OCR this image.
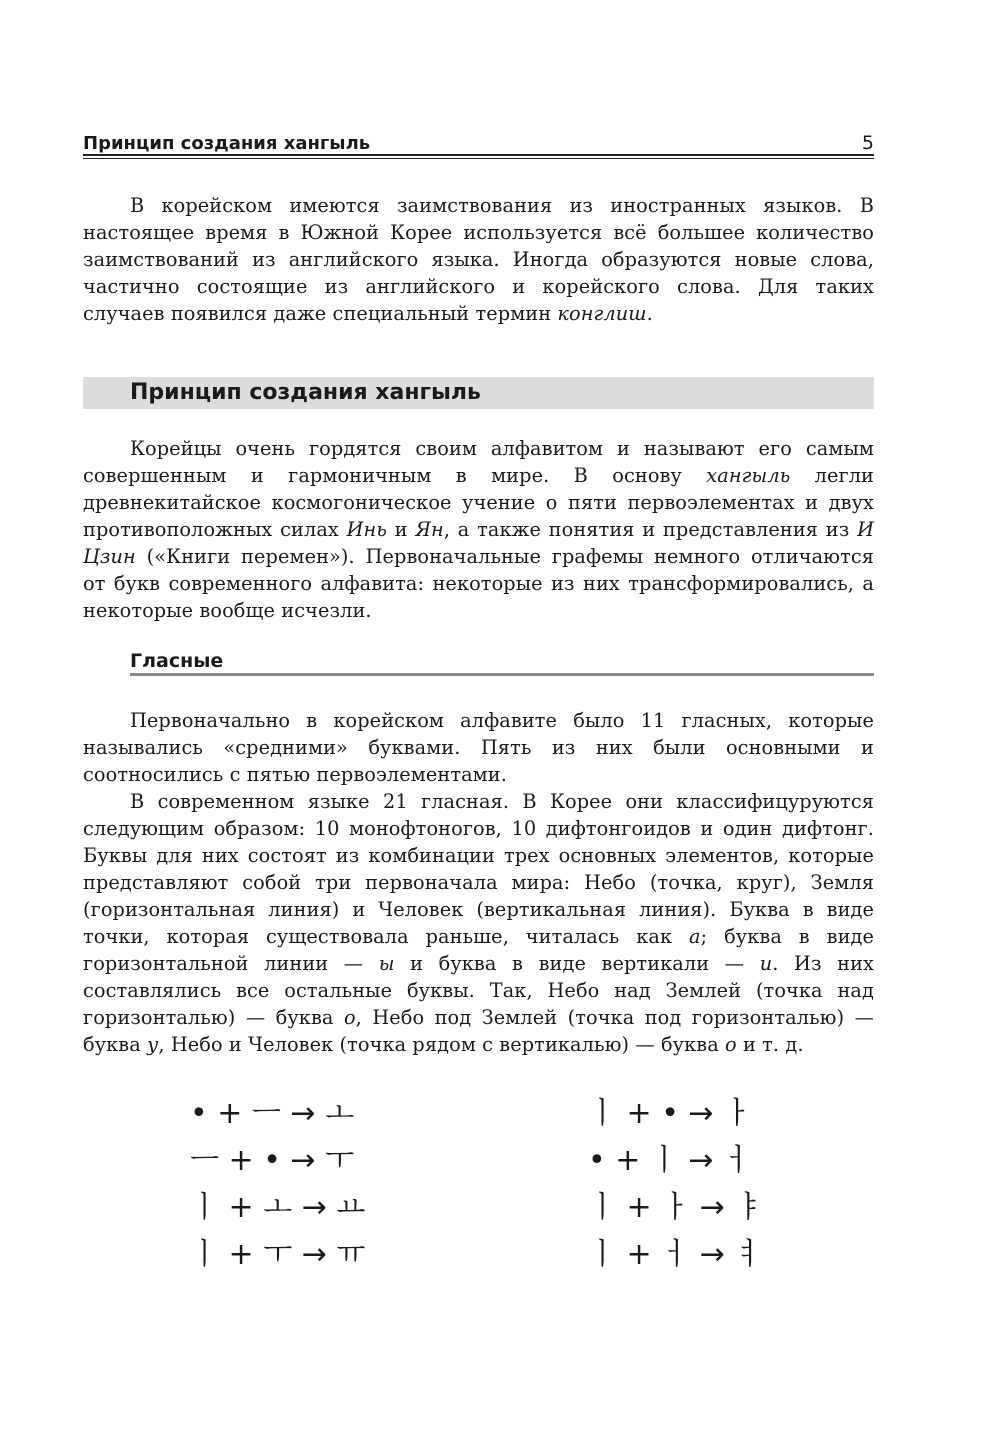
Принцип создания хангыль	5

В корейском имеются заимствования из иностранных языков. В настоящее время в Южной Корее используется всё большее количество заимствований из английского языка. Иногда образуются новые слова, частично состоящие из английского и корейского слова. Для таких случаев появился даже специальный термин конглиш.

Принцип создания хангыль

Корейцы очень гордятся своим алфавитом и называют его самым совершенным и гармоничным в мире. В основу хангыль легли древнекитайское космогоническое учение о пяти первоэлементах и двух противоположных силах Инь и Ян, а также понятия и представления из И Цзин («Книги перемен»). Первоначальные графемы немного отличаются от букв современного алфавита: некоторые из них трансформировались, а некоторые вообще исчезли.

Гласные

Первоначально в корейском алфавите было 11 гласных, которые назывались «средними» буквами. Пять из них были основными и соотносились с пятью первоэлементами.

В современном языке 21 гласная. В Корее они классифицуруются следующим образом: 10 монофтоногов, 10 дифтонгоидов и один дифтонг. Буквы для них состоят из комбинации трех основных элементов, которые представляют собой три первоначала мира: Небо (точка, круг), Земля (горизонтальная линия) и Человек (вертикальная линия). Буква в виде точки, которая существовала раньше, читалась как а; буква в виде горизонтальной линии — ы и буква в виде вертикали — и. Из них составлялись все остальные буквы. Так, Небо над Землей (точка над горизонталью) — буква о, Небо под Землей (точка под горизонталью) — буква у, Небо и Человек (точка рядом с вертикалью) — буква о и т. д.

• + ㅡ → ㅗ
ㅡ + • → ㅜ
ㅣ + ㅗ → ㅛ
ㅣ + ㅜ → ㅠ
ㅣ + • → ㅏ
• + ㅣ → ㅓ
ㅣ + ㅏ → ㅑ
ㅣ + ㅓ → ㅕ
